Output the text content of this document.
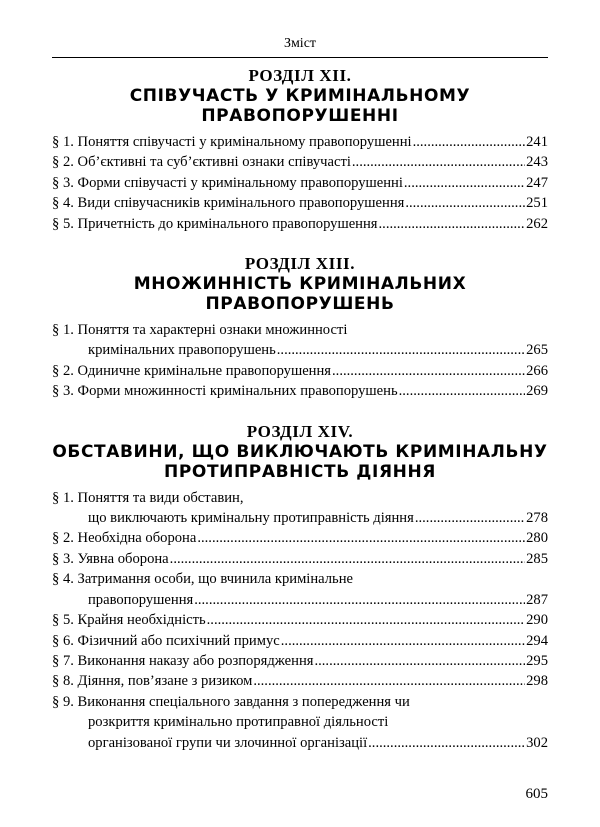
Зміст
РОЗДІЛ XII.
СПІВУЧАСТЬ У КРИМІНАЛЬНОМУ
ПРАВОПОРУШЕННІ
§ 1. Поняття співучасті у кримінальному правопорушенні .....	241
§ 2. Об’єктивні та суб’єктивні ознаки співучасті .....	243
§ 3. Форми співучасті у кримінальному правопорушенні .....	247
§ 4. Види співучасників кримінального правопорушення .....	251
§ 5. Причетність до кримінального правопорушення .....	262
РОЗДІЛ XIII.
МНОЖИННІСТЬ КРИМІНАЛЬНИХ
ПРАВОПОРУШЕНЬ
§ 1. Поняття та характерні ознаки множинності
кримінальних правопорушень .....	265
§ 2. Одиничне кримінальне правопорушення .....	266
§ 3. Форми множинності кримінальних правопорушень .....	269
РОЗДІЛ XIV.
ОБСТАВИНИ, ЩО ВИКЛЮЧАЮТЬ КРИМІНАЛЬНУ
ПРОТИПРАВНІСТЬ ДІЯННЯ
§ 1. Поняття та види обставин,
що виключають кримінальну протиправність діяння .....	278
§ 2. Необхідна оборона .....	280
§ 3. Уявна оборона .....	285
§ 4. Затримання особи, що вчинила кримінальне
правопорушення .....	287
§ 5. Крайня необхідність .....	290
§ 6. Фізичний або психічний примус .....	294
§ 7. Виконання наказу або розпорядження .....	295
§ 8. Діяння, пов’язане з ризиком .....	298
§ 9. Виконання спеціального завдання з попередження чи
розкриття кримінально протиправної діяльності
організованої групи чи злочинної організації .....	302
605
